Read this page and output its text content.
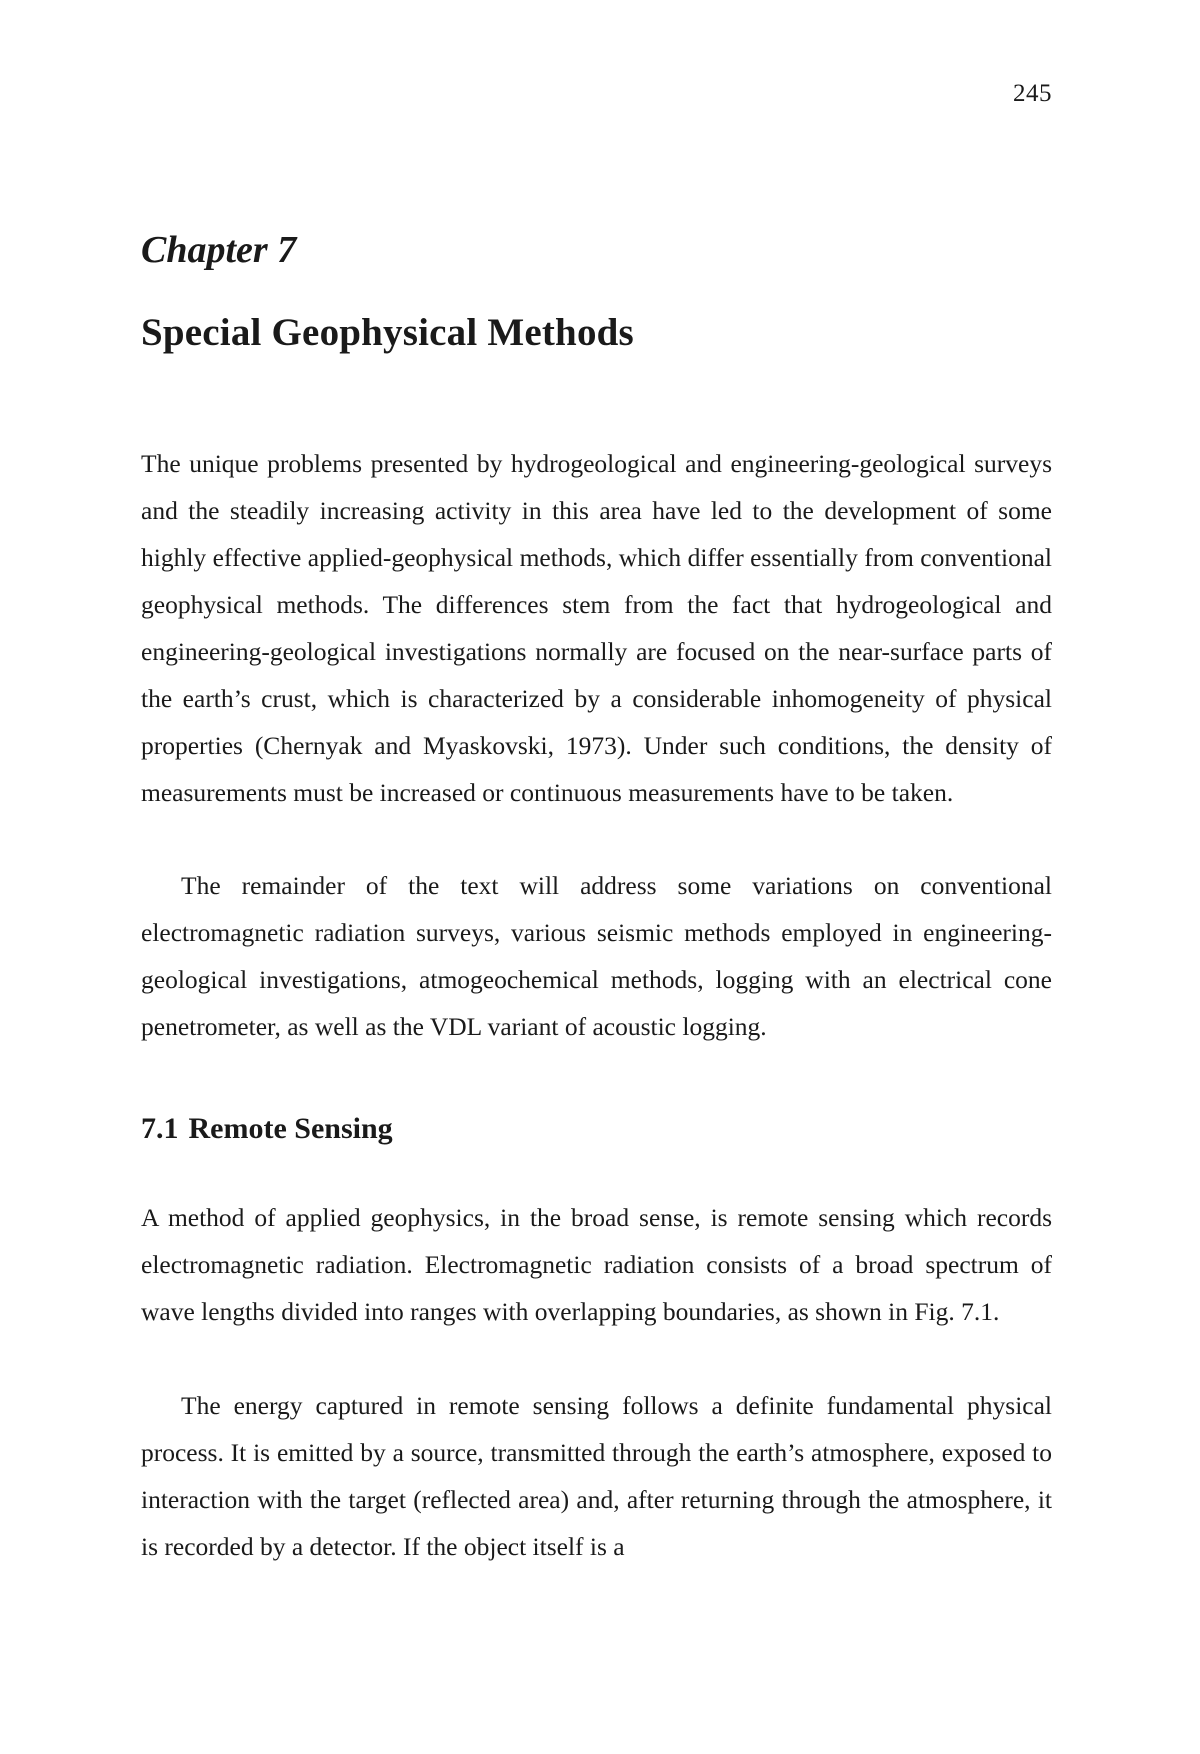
245
Chapter 7
Special Geophysical Methods

The unique problems presented by hydrogeological and engineering-geological surveys and the steadily increasing activity in this area have led to the development of some highly effective applied-geophysical methods, which differ essentially from conventional geophysical methods. The differences stem from the fact that hydrogeological and engineering-geological investigations normally are focused on the near-surface parts of the earth’s crust, which is characterized by a considerable inhomogeneity of physical properties (Chernyak and Myaskovski, 1973). Under such conditions, the density of measurements must be increased or continuous measurements have to be taken.

The remainder of the text will address some variations on conventional electromagnetic radiation surveys, various seismic methods employed in engineering-geological investigations, atmogeochemical methods, logging with an electrical cone penetrometer, as well as the VDL variant of acoustic logging.

7.1 Remote Sensing

A method of applied geophysics, in the broad sense, is remote sensing which records electromagnetic radiation. Electromagnetic radiation consists of a broad spectrum of wave lengths divided into ranges with overlapping boundaries, as shown in Fig. 7.1.

The energy captured in remote sensing follows a definite fundamental physical process. It is emitted by a source, transmitted through the earth’s atmosphere, exposed to interaction with the target (reflected area) and, after returning through the atmosphere, it is recorded by a detector. If the object itself is a
